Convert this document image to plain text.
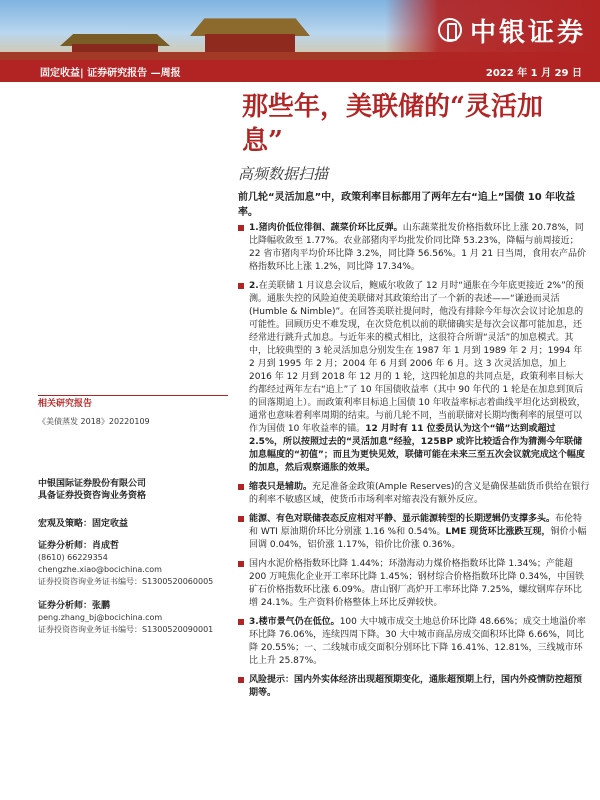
中银证券
固定收益| 证券研究报告 —周报	2022 年 1 月 29 日
那些年，美联储的“灵活加息”
高频数据扫描
前几轮“灵活加息”中，政策利率目标都用了两年左右“追上”国债 10 年收益率。
1.猪肉价低位徘徊、蔬菜价环比反弹。山东蔬菜批发价格指数环比上涨 20.78%，同比降幅收敛至 1.77%。农业部猪肉平均批发价同比降 53.23%，降幅与前周接近；22 省市猪肉平均价环比降 3.2%，同比降 56.56%。1 月 21 日当周，食用农产品价格指数环比上涨 1.2%，同比降 17.34%。
2.在美联储 1 月议息会议后，鲍威尔收敛了 12 月时“通胀在今年底更接近 2%”的预测。通胀失控的风险迫使美联储对其政策给出了一个新的表述——“谦逊而灵活(Humble & Nimble)”。在回答美联社提问时，他没有排除今年每次会议讨论加息的可能性。回顾历史不难发现，在次贷危机以前的联储确实是每次会议都可能加息，还经常进行跳升式加息。与近年来的模式相比，这很符合所谓“灵活”的加息模式。其中，比较典型的 3 轮灵活加息分别发生在 1987 年 1 月到 1989 年 2 月；1994 年 2 月到 1995 年 2 月；2004 年 6 月到 2006 年 6 月。这 3 次灵活加息，加上 2016 年 12 月到 2018 年 12 月的 1 轮，这四轮加息的共同点是，政策利率目标大约都经过两年左右“追上”了 10 年国债收益率（其中 90 年代的 1 轮是在加息到顶后的回落期追上）。而政策利率目标追上国债 10 年收益率标志着曲线平坦化达到极致，通常也意味着利率周期的结束。与前几轮不同，当前联储对长期均衡利率的展望可以作为国债 10 年收益率的锚。12 月时有 11 位委员认为这个“锚”达到或超过 2.5%，所以按照过去的“灵活加息”经验，125BP 或许比较适合作为猜测今年联储加息幅度的“初值”；而且为更快见效，联储可能在未来三至五次会议就完成这个幅度的加息，然后观察通胀的效果。
缩表只是辅助。充足准备金政策(Ample Reserves)的含义是确保基础货币供给在银行的利率不敏感区域，使货币市场利率对缩表没有额外反应。
能源、有色对联储表态反应相对平静、显示能源转型的长期逻辑仍支撑多头。布伦特和 WTI 原油期价环比分别涨 1.16 %和 0.54%。LME 现货环比涨跌互现，铜价小幅回调 0.04%，铝价涨 1.17%，铅价比价涨 0.36%。
国内水泥价格指数环比降 1.44%；环渤海动力煤价格指数环比降 1.34%；产能超 200 万吨焦化企业开工率环比降 1.45%；钢材综合价格指数环比降 0.34%，中国铁矿石价格指数环比涨 6.09%。唐山钢厂高炉开工率环比降 7.25%，螺纹钢库存环比增 24.1%。生产资料价格整体上环比反弹较快。
3.楼市景气仍在低位。100 大中城市成交土地总价环比降 48.66%；成交土地溢价率环比降 76.06%，连续四周下降。30 大中城市商品房成交面积环比降 6.66%，同比降 20.55%；一、二线城市成交面积分别环比下降 16.41%、12.81%，三线城市环比上升 25.87%。
风险提示：国内外实体经济出现超预期变化，通胀超预期上行，国内外疫情防控超预期等。
相关研究报告
《美债蒸发 2018》20220109
中银国际证券股份有限公司
具备证券投资咨询业务资格
宏观及策略：固定收益
证券分析师：肖成哲
(8610) 66229354
chengzhe.xiao@bocichina.com
证券投资咨询业务证书编号：S1300520060005
证券分析师：张鹏
peng.zhang_bj@bocichina.com
证券投资咨询业务证书编号：S1300520090001
